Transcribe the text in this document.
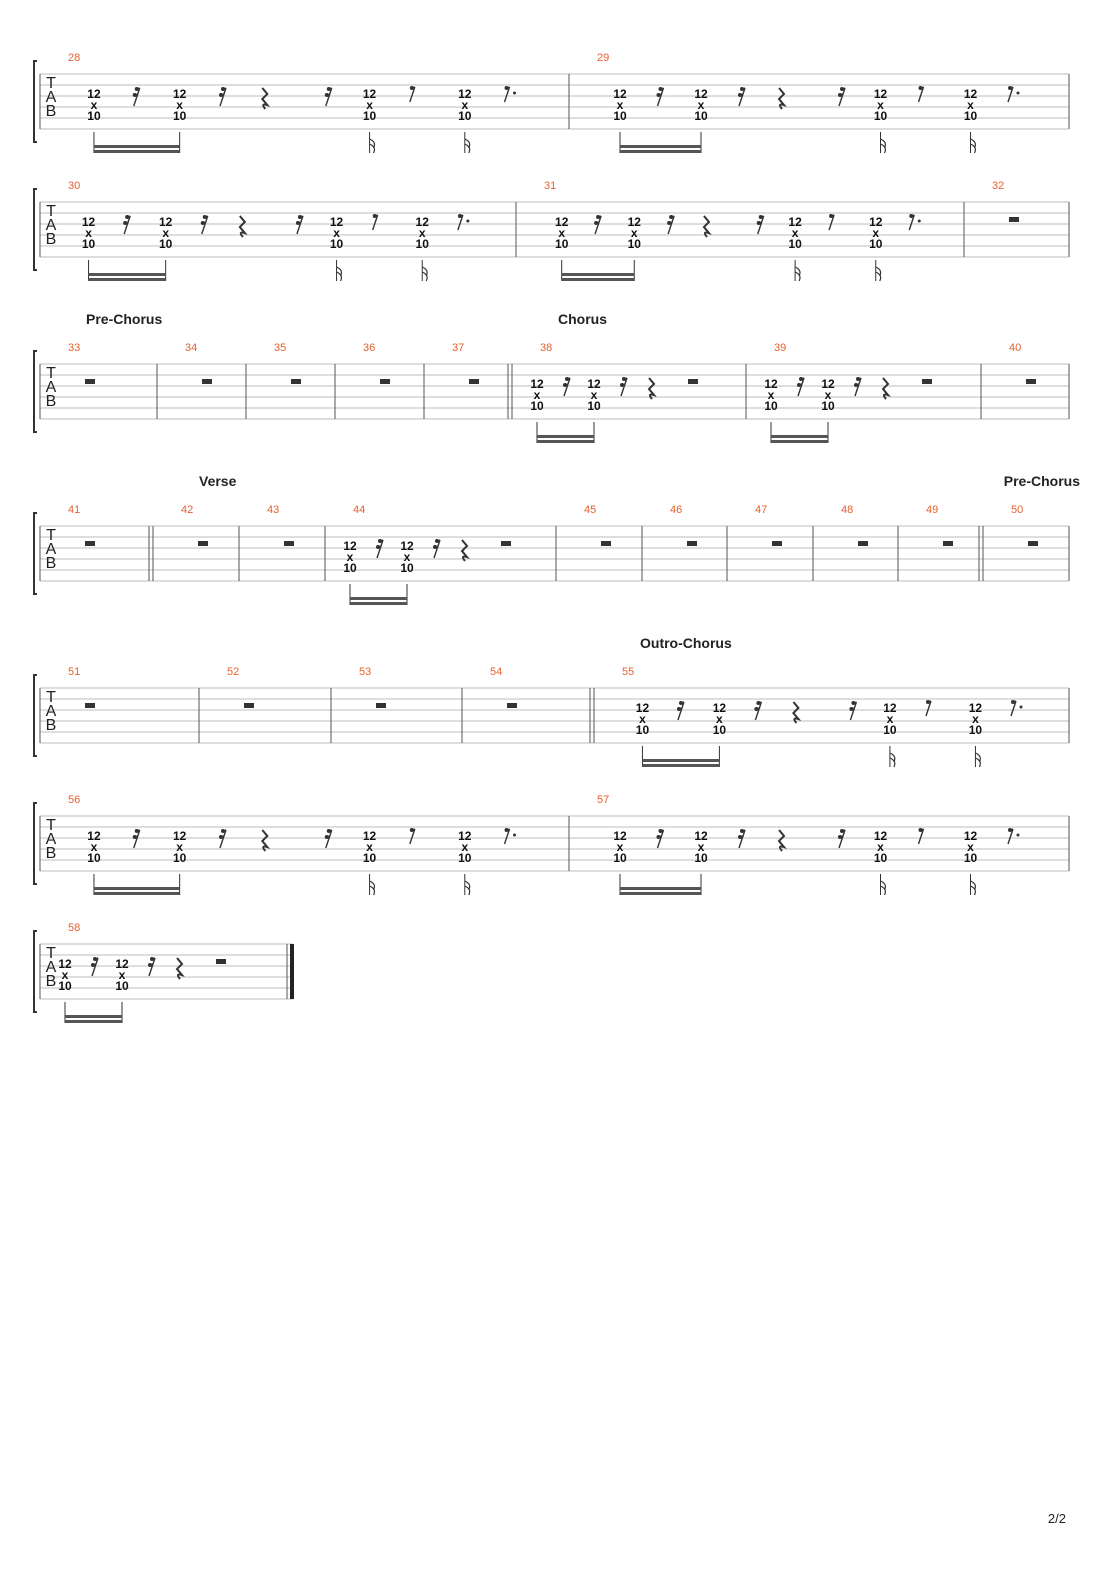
T
A
B
28
12
x
10
12
x
10
12
x
10
12
x
10
29
12
x
10
12
x
10
12
x
10
12
x
10
T
A
B
30
12
x
10
12
x
10
12
x
10
12
x
10
31
12
x
10
12
x
10
12
x
10
12
x
10
32
T
A
B
33
Pre-Chorus
34	35	36	37	38
Chorus
12
x
10
12
x
10
39
12
x
10
12
x
10
40
T
A
B
41	42
Verse
43	44
12
x
10
12
x
10
45	46	47	48	49	50
Pre-Chorus
T
A
B
51	52	53	54	55
Outro-Chorus
12
x
10
12
x
10
12
x
10
12
x
10
T
A
B
56
12
x
10
12
x
10
12
x
10
12
x
10
57
12
x
10
12
x
10
12
x
10
12
x
10
T
A
B
58
12
x
10
12
x
10
2/2
